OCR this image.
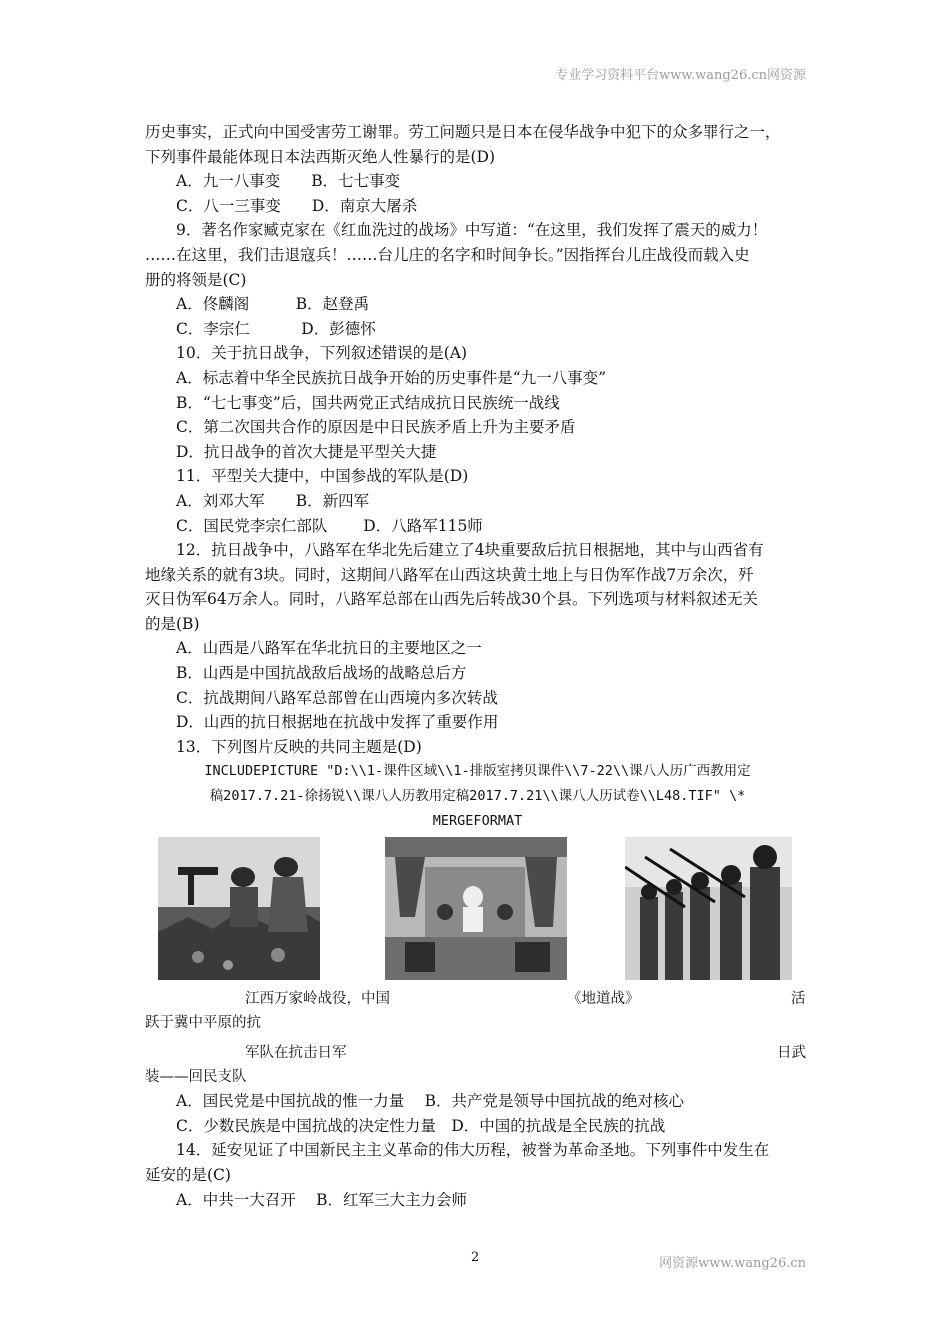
专业学习资料平台www.wang26.cn网资源

历史事实，正式向中国受害劳工谢罪。劳工问题只是日本在侵华战争中犯下的众多罪行之一，

下列事件最能体现日本法西斯灭绝人性暴行的是(D)

A．九一八事变　　B．七七事变

C．八一三事变　　D．南京大屠杀

9．著名作家臧克家在《红血洗过的战场》中写道：“在这里，我们发挥了震天的威力！

……在这里，我们击退寇兵！……台儿庄的名字和时间争长。”因指挥台儿庄战役而载入史

册的将领是(C)

A．佟麟阁　　　B．赵登禹

C．李宗仁　　　 D．彭德怀

10．关于抗日战争，下列叙述错误的是(A)

A．标志着中华全民族抗日战争开始的历史事件是“九一八事变”

B．“七七事变”后，国共两党正式结成抗日民族统一战线

C．第二次国共合作的原因是中日民族矛盾上升为主要矛盾

D．抗日战争的首次大捷是平型关大捷

11．平型关大捷中，中国参战的军队是(D)

A．刘邓大军　　B．新四军

C．国民党李宗仁部队　　 D．八路军115师

12．抗日战争中，八路军在华北先后建立了4块重要敌后抗日根据地，其中与山西省有

地缘关系的就有3块。同时，这期间八路军在山西这块黄土地上与日伪军作战7万余次，歼

灭日伪军64万余人。同时，八路军总部在山西先后转战30个县。下列选项与材料叙述无关

的是(B)

A．山西是八路军在华北抗日的主要地区之一

B．山西是中国抗战敌后战场的战略总后方

C．抗战期间八路军总部曾在山西境内多次转战

D．山西的抗日根据地在抗战中发挥了重要作用

13．下列图片反映的共同主题是(D)

INCLUDEPICTURE "D:\\1-课件区域\\1-排版室拷贝课件\\7-22\\课八人历广西教用定
稿2017.7.21-徐扬锐\\课八人历教用定稿2017.7.21\\课八人历试卷\\L48.TIF" \*
MERGEFORMAT
江西万家岭战役，中国	《地道战》	活
跃于冀中平原的抗
军队在抗击日军	日武
装——回民支队

A．国民党是中国抗战的惟一力量　 B．共产党是领导中国抗战的绝对核心

C．少数民族是中国抗战的决定性力量　D．中国的抗战是全民族的抗战

14．延安见证了中国新民主主义革命的伟大历程，被誉为革命圣地。下列事件中发生在

延安的是(C)

A．中共一大召开　 B．红军三大主力会师

2	网资源www.wang26.cn
